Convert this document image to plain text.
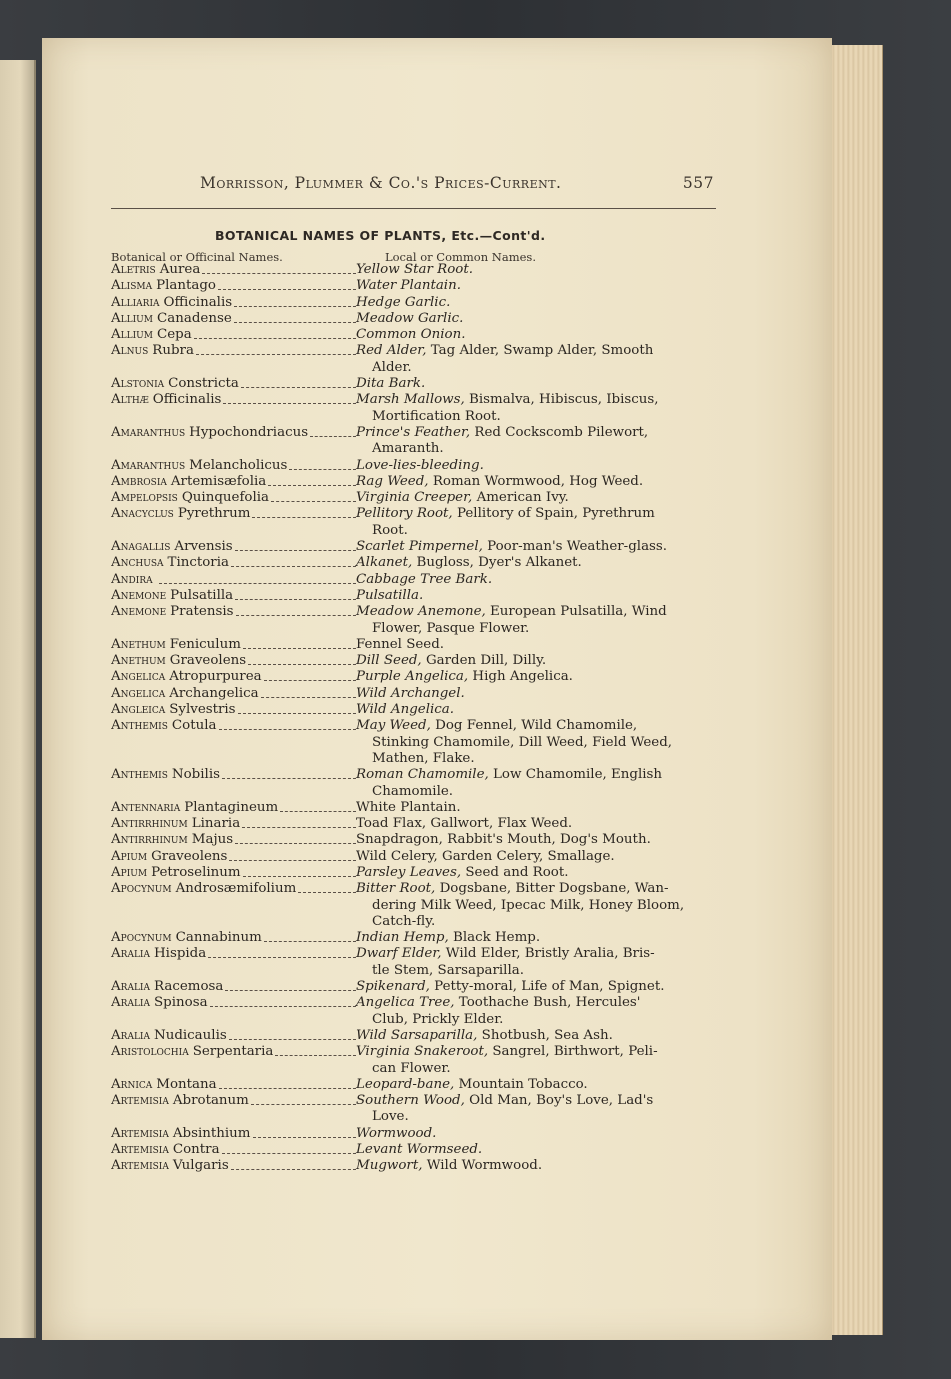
Morrisson, Plummer & Co.'s Prices-Current.	557
BOTANICAL NAMES OF PLANTS, Etc.—Cont'd.
Botanical or Officinal Names.	Local or Common Names.
Aletris Aurea	Yellow Star Root.
Alisma Plantago	Water Plantain.
Alliaria Officinalis	Hedge Garlic.
Allium Canadense	Meadow Garlic.
Allium Cepa	Common Onion.
Alnus Rubra	Red Alder, Tag Alder, Swamp Alder, Smooth
Alder.
Alstonia Constricta	Dita Bark.
Althæ Officinalis	Marsh Mallows, Bismalva, Hibiscus, Ibiscus,
Mortification Root.
Amaranthus Hypochondriacus	Prince's Feather, Red Cockscomb Pilewort,
Amaranth.
Amaranthus Melancholicus	Love-lies-bleeding.
Ambrosia Artemisæfolia	Rag Weed, Roman Wormwood, Hog Weed.
Ampelopsis Quinquefolia	Virginia Creeper, American Ivy.
Anacyclus Pyrethrum	Pellitory Root, Pellitory of Spain, Pyrethrum
Root.
Anagallis Arvensis	Scarlet Pimpernel, Poor-man's Weather-glass.
Anchusa Tinctoria	Alkanet, Bugloss, Dyer's Alkanet.
Andira	Cabbage Tree Bark.
Anemone Pulsatilla	Pulsatilla.
Anemone Pratensis	Meadow Anemone, European Pulsatilla, Wind
Flower, Pasque Flower.
Anethum Feniculum	Fennel Seed.
Anethum Graveolens	Dill Seed, Garden Dill, Dilly.
Angelica Atropurpurea	Purple Angelica, High Angelica.
Angelica Archangelica	Wild Archangel.
Angleica Sylvestris	Wild Angelica.
Anthemis Cotula	May Weed, Dog Fennel, Wild Chamomile,
Stinking Chamomile, Dill Weed, Field Weed, Mathen, Flake.
Anthemis Nobilis	Roman Chamomile, Low Chamomile, English
Chamomile.
Antennaria Plantagineum	White Plantain.
Antirrhinum Linaria	Toad Flax, Gallwort, Flax Weed.
Antirrhinum Majus	Snapdragon, Rabbit's Mouth, Dog's Mouth.
Apium Graveolens	Wild Celery, Garden Celery, Smallage.
Apium Petroselinum	Parsley Leaves, Seed and Root.
Apocynum Androsæmifolium	Bitter Root, Dogsbane, Bitter Dogsbane, Wan-
dering Milk Weed, Ipecac Milk, Honey Bloom, Catch-fly.
Apocynum Cannabinum	Indian Hemp, Black Hemp.
Aralia Hispida	Dwarf Elder, Wild Elder, Bristly Aralia, Bris-
tle Stem, Sarsaparilla.
Aralia Racemosa	Spikenard, Petty-moral, Life of Man, Spignet.
Aralia Spinosa	Angelica Tree, Toothache Bush, Hercules'
Club, Prickly Elder.
Aralia Nudicaulis	Wild Sarsaparilla, Shotbush, Sea Ash.
Aristolochia Serpentaria	Virginia Snakeroot, Sangrel, Birthwort, Peli-
can Flower.
Arnica Montana	Leopard-bane, Mountain Tobacco.
Artemisia Abrotanum	Southern Wood, Old Man, Boy's Love, Lad's
Love.
Artemisia Absinthium	Wormwood.
Artemisia Contra	Levant Wormseed.
Artemisia Vulgaris	Mugwort, Wild Wormwood.
